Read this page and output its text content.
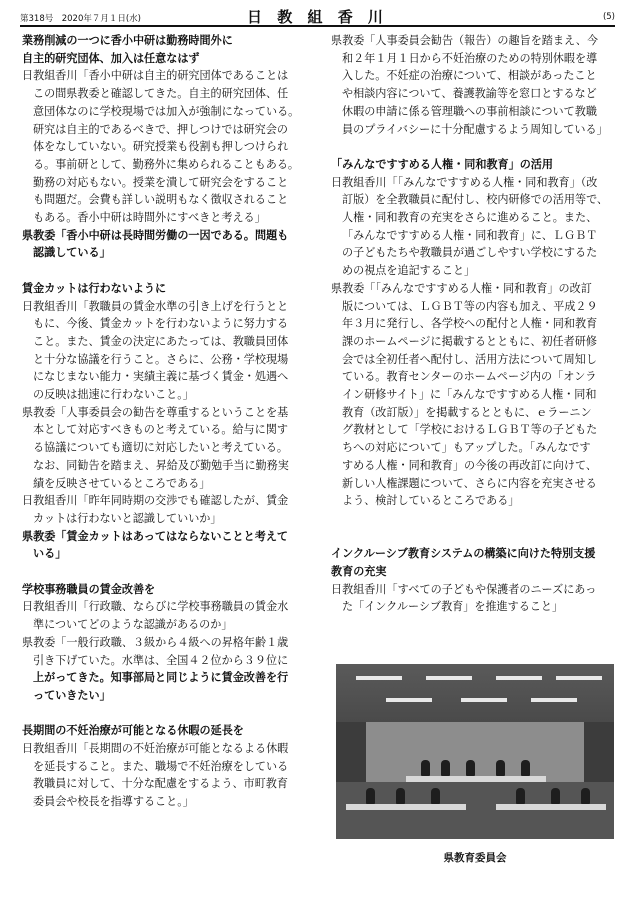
第318号　2020年７月１日(水)	日 教 組 香 川	(5)

業務削減の一つに香小中研は勤務時間外に

自主的研究団体、加入は任意なはず

日教組香川「香小中研は自主的研究団体であることは

この間県教委と確認してきた。自主的研究団体、任

意団体なのに学校現場では加入が強制になっている。

研究は自主的であるべきで、押しつけでは研究会の

体をなしていない。研究授業も役割も押しつけられ

る。事前研として、勤務外に集められることもある。

勤務の対応もない。授業を潰して研究会をすること

も問題だ。会費も詳しい説明もなく徴収されること

もある。香小中研は時間外にすべきと考える」

県教委「香小中研は長時間労働の一因である。問題も

認識している」

賃金カットは行わないように

日教組香川「教職員の賃金水準の引き上げを行うとと

もに、今後、賃金カットを行わないように努力する

こと。また、賃金の決定にあたっては、教職員団体

と十分な協議を行うこと。さらに、公務・学校現場

になじまない能力・実績主義に基づく賃金・処遇へ

の反映は拙速に行わないこと。」

県教委「人事委員会の勧告を尊重するということを基

本として対応すべきものと考えている。給与に関す

る協議についても適切に対応したいと考えている。

なお、同勧告を踏まえ、昇給及び勤勉手当に勤務実

績を反映させているところである」

日教組香川「昨年同時期の交渉でも確認したが、賃金

カットは行わないと認識していいか」

県教委「賃金カットはあってはならないことと考えて

いる」

学校事務職員の賃金改善を

日教組香川「行政職、ならびに学校事務職員の賃金水

準についてどのような認識があるのか」

県教委「一般行政職、３級から４級への昇格年齢１歳

引き下げていた。水準は、全国４２位から３９位に

上がってきた。知事部局と同じように賃金改善を行

っていきたい」

長期間の不妊治療が可能となる休暇の延長を

日教組香川「長期間の不妊治療が可能となるよる休暇

を延長すること。また、職場で不妊治療をしている

教職員に対して、十分な配慮をするよう、市町教育

委員会や校長を指導すること。」

県教委「人事委員会勧告（報告）の趣旨を踏まえ、今

和２年１月１日から不妊治療のための特別休暇を導

入した。不妊症の治療について、相談があったこと

や相談内容について、養護教諭等を窓口とするなど

休暇の申請に係る管理職への事前相談について教職

員のプライバシーに十分配慮するよう周知している」

「みんなですすめる人権・同和教育」の活用

日教組香川「「みんなですすめる人権・同和教育」（改

訂版）を全教職員に配付し、校内研修での活用等で、

人権・同和教育の充実をさらに進めること。また、

「みんなですすめる人権・同和教育」に、ＬＧＢＴ

の子どもたちや教職員が過ごしやすい学校にするた

めの視点を追記すること」

県教委「「みんなですすめる人権・同和教育」の改訂

版については、ＬＧＢＴ等の内容も加え、平成２９

年３月に発行し、各学校への配付と人権・同和教育

課のホームページに掲載するとともに、初任者研修

会では全初任者へ配付し、活用方法について周知し

ている。教育センターのホームページ内の「オンラ

イン研修サイト」に「みんなですすめる人権・同和

教育（改訂版）」を掲載するとともに、ｅラーニン

グ教材として「学校におけるＬＧＢＴ等の子どもた

ちへの対応について」もアップした。「みんなです

すめる人権・同和教育」の今後の再改訂に向けて、

新しい人権課題について、さらに内容を充実させる

よう、検討しているところである」

インクルーシブ教育システムの構築に向けた特別支援

教育の充実

日教組香川「すべての子どもや保護者のニーズにあっ

た「インクルーシブ教育」を推進すること」

県教育委員会
